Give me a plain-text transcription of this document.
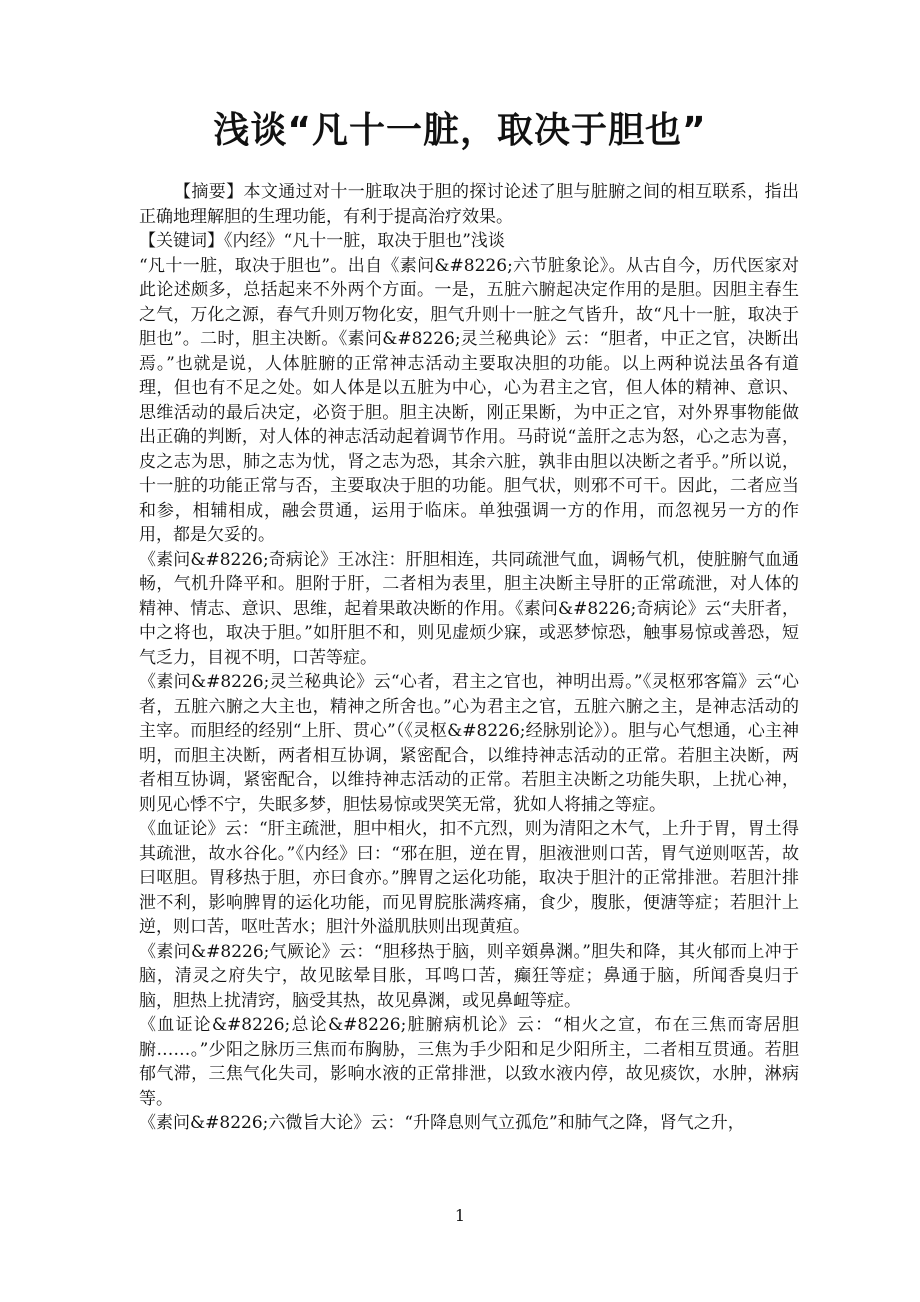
浅谈“凡十一脏，取决于胆也”

【摘要】本文通过对十一脏取决于胆的探讨论述了胆与脏腑之间的相互联系，指出正确地理解胆的生理功能，有利于提高治疗效果。

【关键词】《内经》“凡十一脏，取决于胆也”浅谈

“凡十一脏，取决于胆也”。出自《素问&#8226;六节脏象论》。从古自今，历代医家对此论述颇多，总括起来不外两个方面。一是，五脏六腑起决定作用的是胆。因胆主春生之气，万化之源，春气升则万物化安，胆气升则十一脏之气皆升，故“凡十一脏，取决于胆也”。二时，胆主决断。《素问&#8226;灵兰秘典论》云：“胆者，中正之官，决断出焉。”也就是说，人体脏腑的正常神志活动主要取决胆的功能。以上两种说法虽各有道理，但也有不足之处。如人体是以五脏为中心，心为君主之官，但人体的精神、意识、思维活动的最后决定，必资于胆。胆主决断，刚正果断，为中正之官，对外界事物能做出正确的判断，对人体的神志活动起着调节作用。马莳说“盖肝之志为怒，心之志为喜，皮之志为思，肺之志为忧，肾之志为恐，其余六脏，孰非由胆以决断之者乎。”所以说，十一脏的功能正常与否，主要取决于胆的功能。胆气状，则邪不可干。因此，二者应当和参，相辅相成，融会贯通，运用于临床。单独强调一方的作用，而忽视另一方的作用，都是欠妥的。

《素问&#8226;奇病论》王冰注：肝胆相连，共同疏泄气血，调畅气机，使脏腑气血通畅，气机升降平和。胆附于肝，二者相为表里，胆主决断主导肝的正常疏泄，对人体的精神、情志、意识、思维，起着果敢决断的作用。《素问&#8226;奇病论》云“夫肝者，中之将也，取决于胆。”如肝胆不和，则见虚烦少寐，或恶梦惊恐，触事易惊或善恐，短气乏力，目视不明，口苦等症。

《素问&#8226;灵兰秘典论》云“心者，君主之官也，神明出焉。”《灵枢邪客篇》云“心者，五脏六腑之大主也，精神之所舍也。”心为君主之官，五脏六腑之主，是神志活动的主宰。而胆经的经别“上肝、贯心”（《灵枢&#8226;经脉别论》）。胆与心气想通，心主神明，而胆主决断，两者相互协调，紧密配合，以维持神志活动的正常。若胆主决断，两者相互协调，紧密配合，以维持神志活动的正常。若胆主决断之功能失职，上扰心神，则见心悸不宁，失眠多梦，胆怯易惊或哭笑无常，犹如人将捕之等症。

《血证论》云：“肝主疏泄，胆中相火，扣不亢烈，则为清阳之木气，上升于胃，胃土得其疏泄，故水谷化。”《内经》曰：“邪在胆，逆在胃，胆液泄则口苦，胃气逆则呕苦，故曰呕胆。胃移热于胆，亦曰食亦。”脾胃之运化功能，取决于胆汁的正常排泄。若胆汁排泄不利，影响脾胃的运化功能，而见胃脘胀满疼痛，食少，腹胀，便溏等症；若胆汁上逆，则口苦，呕吐苦水；胆汁外溢肌肤则出现黄疸。

《素问&#8226;气厥论》云：“胆移热于脑，则辛頞鼻渊。”胆失和降，其火郁而上冲于脑，清灵之府失宁，故见眩晕目胀，耳鸣口苦，癫狂等症；鼻通于脑，所闻香臭归于脑，胆热上扰清窍，脑受其热，故见鼻渊，或见鼻衄等症。

《血证论&#8226;总论&#8226;脏腑病机论》云：“相火之宣，布在三焦而寄居胆腑……。”少阳之脉历三焦而布胸胁，三焦为手少阳和足少阳所主，二者相互贯通。若胆郁气滞，三焦气化失司，影响水液的正常排泄，以致水液内停，故见痰饮，水肿，淋病等。

《素问&#8226;六微旨大论》云：“升降息则气立孤危”和肺气之降，肾气之升，

1
